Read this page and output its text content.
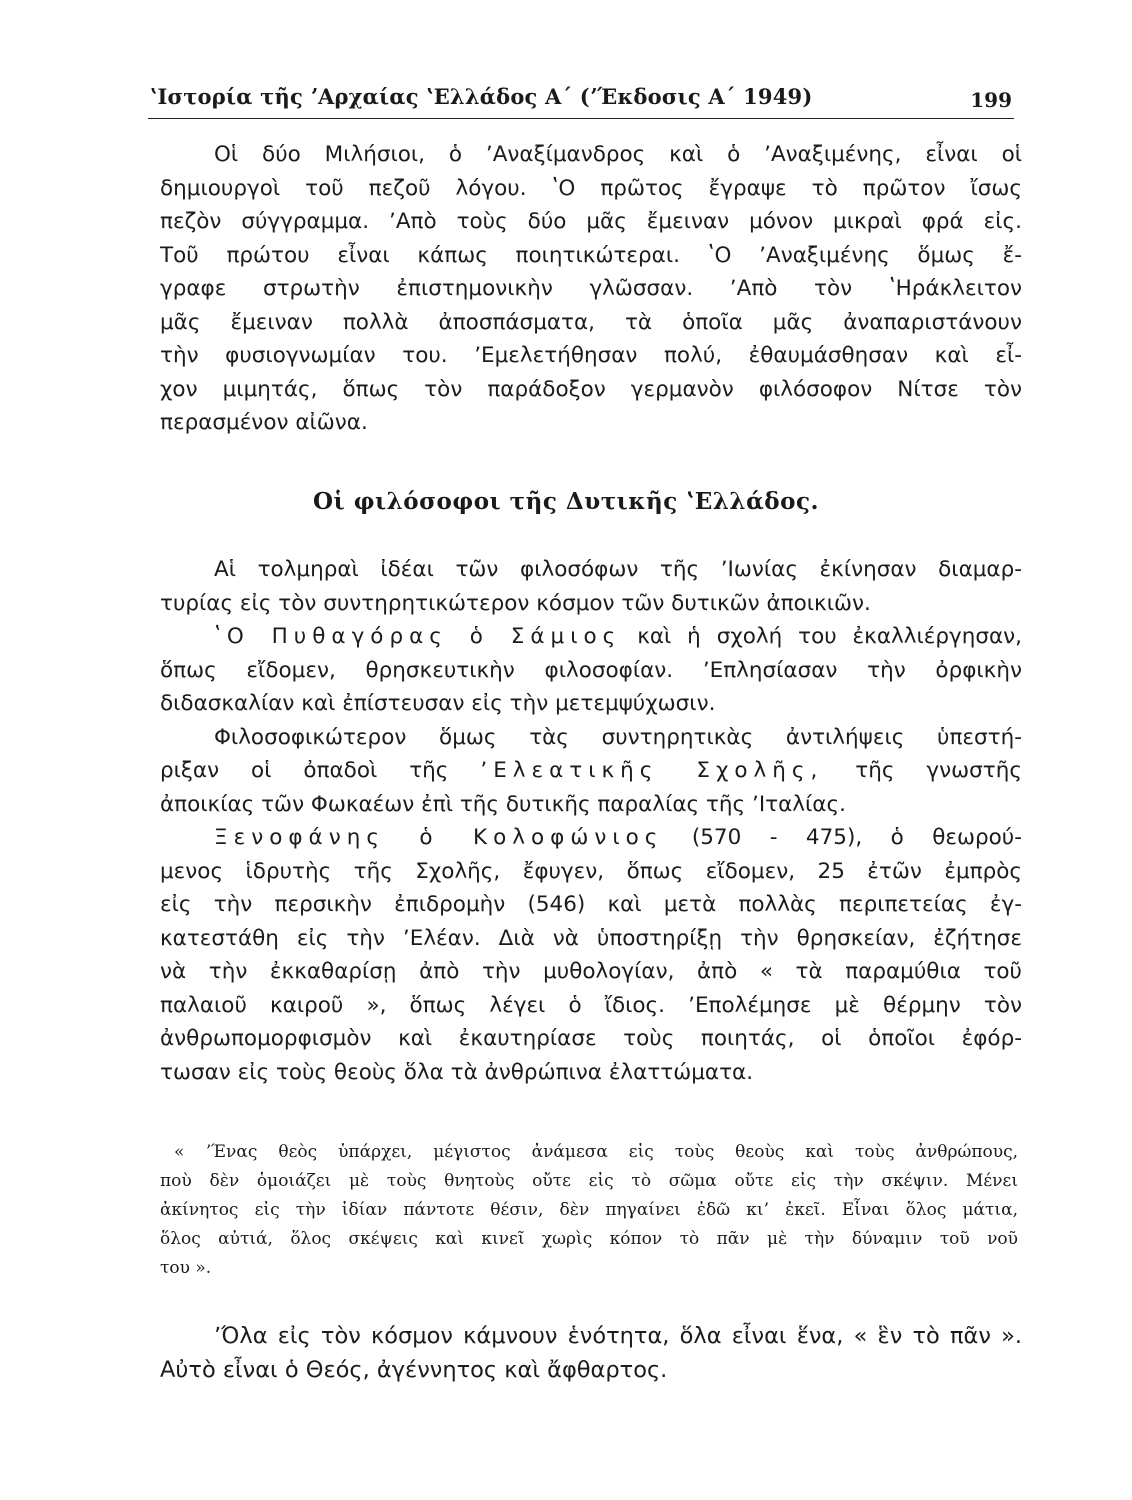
ʽΙστορία τῆς ʼΑρχαίας ʽΕλλάδος Α΄ (ʼΈκδοσις Α΄ 1949)	199
Οἱ δύο Μιλήσιοι, ὁ ʼΑναξίμανδρος καὶ ὁ ʼΑναξιμένης, εἶναι οἱ
δημιουργοὶ τοῦ πεζοῦ λόγου. ʽΟ πρῶτος ἔγραψε τὸ πρῶτον ἴσως
πεζὸν σύγγραμμα. ʼΑπὸ τοὺς δύο μᾶς ἔμειναν μόνον μικραὶ φρά εἰς.
Τοῦ πρώτου εἶναι κάπως ποιητικώτεραι. ʽΟ ʼΑναξιμένης ὅμως ἔ-
γραφε στρωτὴν ἐπιστημονικὴν γλῶσσαν. ʼΑπὸ τὸν ʽΗράκλειτον
μᾶς ἔμειναν πολλὰ ἀποσπάσματα, τὰ ὁποῖα μᾶς ἀναπαριστάνουν
τὴν φυσιογνωμίαν του. ʼΕμελετήθησαν πολύ, ἐθαυμάσθησαν καὶ εἶ-
χον μιμητάς, ὅπως τὸν παράδοξον γερμανὸν φιλόσοφον Νίτσε τὸν
περασμένον αἰῶνα.
Οἱ φιλόσοφοι τῆς Δυτικῆς ʽΕλλάδος.
Αἱ τολμηραὶ ἰδέαι τῶν φιλοσόφων τῆς ʼΙωνίας ἐκίνησαν διαμαρ-
τυρίας εἰς τὸν συντηρητικώτερον κόσμον τῶν δυτικῶν ἀποικιῶν.
ʽΟ Πυθαγόρας ὁ Σάμιος καὶ ἡ σχολή του ἐκαλλιέργησαν,
ὅπως εἴδομεν, θρησκευτικὴν φιλοσοφίαν. ʼΕπλησίασαν τὴν ὀρφικὴν
διδασκαλίαν καὶ ἐπίστευσαν εἰς τὴν μετεμψύχωσιν.
Φιλοσοφικώτερον ὅμως τὰς συντηρητικὰς ἀντιλήψεις ὑπεστή-
ριξαν οἱ ὀπαδοὶ τῆς ʼΕλεατικῆς Σχολῆς, τῆς γνωστῆς
ἀποικίας τῶν Φωκαέων ἐπὶ τῆς δυτικῆς παραλίας τῆς ʼΙταλίας.
Ξενοφάνης ὁ Κολοφώνιος (570 - 475), ὁ θεωρού-
μενος ἱδρυτὴς τῆς Σχολῆς, ἔφυγεν, ὅπως εἴδομεν, 25 ἐτῶν ἐμπρὸς
εἰς τὴν περσικὴν ἐπιδρομὴν (546) καὶ μετὰ πολλὰς περιπετείας ἐγ-
κατεστάθη εἰς τὴν ʼΕλέαν. Διὰ νὰ ὑποστηρίξῃ τὴν θρησκείαν, ἐζήτησε
νὰ τὴν ἐκκαθαρίσῃ ἀπὸ τὴν μυθολογίαν, ἀπὸ « τὰ παραμύθια τοῦ
παλαιοῦ καιροῦ », ὅπως λέγει ὁ ἴδιος. ʼΕπολέμησε μὲ θέρμην τὸν
ἀνθρωπομορφισμὸν καὶ ἐκαυτηρίασε τοὺς ποιητάς, οἱ ὁποῖοι ἐφόρ-
τωσαν εἰς τοὺς θεοὺς ὅλα τὰ ἀνθρώπινα ἐλαττώματα.
« ʼΈνας θεὸς ὑπάρχει, μέγιστος ἀνάμεσα εἰς τοὺς θεοὺς καὶ τοὺς ἀνθρώπους,
ποὺ δὲν ὁμοιάζει μὲ τοὺς θνητοὺς οὔτε εἰς τὸ σῶμα οὔτε εἰς τὴν σκέψιν. Μένει
ἀκίνητος εἰς τὴν ἰδίαν πάντοτε θέσιν, δὲν πηγαίνει ἐδῶ κι’ ἐκεῖ. Εἶναι ὅλος μάτια,
ὅλος αὐτιά, ὅλος σκέψεις καὶ κινεῖ χωρὶς κόπον τὸ πᾶν μὲ τὴν δύναμιν τοῦ νοῦ
του ».
ʼΌλα εἰς τὸν κόσμον κάμνουν ἑνότητα, ὅλα εἶναι ἕνα, « ἓν τὸ πᾶν ».
Αὐτὸ εἶναι ὁ Θεός, ἀγέννητος καὶ ἄφθαρτος.
